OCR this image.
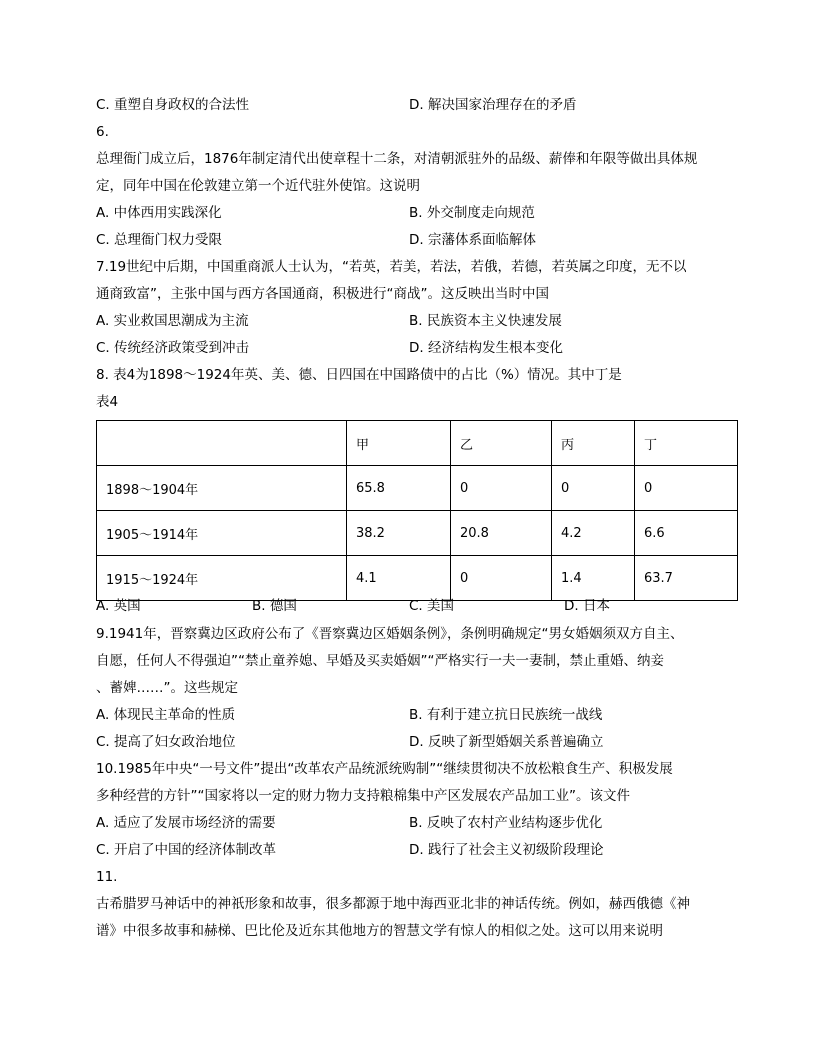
C. 重塑自身政权的合法性	D. 解决国家治理存在的矛盾
6.
总理衙门成立后，1876年制定清代出使章程十二条，对清朝派驻外的品级、薪俸和年限等做出具体规
定，同年中国在伦敦建立第一个近代驻外使馆。这说明
A. 中体西用实践深化	B. 外交制度走向规范
C. 总理衙门权力受限	D. 宗藩体系面临解体
7.19世纪中后期，中国重商派人士认为，“若英，若美，若法，若俄，若德，若英属之印度，无不以
通商致富”，主张中国与西方各国通商，积极进行“商战”。这反映出当时中国
A. 实业救国思潮成为主流	B. 民族资本主义快速发展
C. 传统经济政策受到冲击	D. 经济结构发生根本变化
8. 表4为1898～1924年英、美、德、日四国在中国路债中的占比（%）情况。其中丁是
表4
	甲	乙	丙	丁
1898～1904年	65.8	0	0	0
1905～1914年	38.2	20.8	4.2	6.6
1915～1924年	4.1	0	1.4	63.7
A. 英国	B. 德国	C. 美国	D. 日本
9.1941年，晋察冀边区政府公布了《晋察冀边区婚姻条例》，条例明确规定“男女婚姻须双方自主、
自愿，任何人不得强迫”“禁止童养媳、早婚及买卖婚姻”“严格实行一夫一妻制，禁止重婚、纳妾
、蓄婢……”。这些规定
A. 体现民主革命的性质	B. 有利于建立抗日民族统一战线
C. 提高了妇女政治地位	D. 反映了新型婚姻关系普遍确立
10.1985年中央“一号文件”提出“改革农产品统派统购制”“继续贯彻决不放松粮食生产、积极发展
多种经营的方针”“国家将以一定的财力物力支持粮棉集中产区发展农产品加工业”。该文件
A. 适应了发展市场经济的需要	B. 反映了农村产业结构逐步优化
C. 开启了中国的经济体制改革	D. 践行了社会主义初级阶段理论
11.
古希腊罗马神话中的神祇形象和故事，很多都源于地中海西亚北非的神话传统。例如，赫西俄德《神
谱》中很多故事和赫梯、巴比伦及近东其他地方的智慧文学有惊人的相似之处。这可以用来说明
